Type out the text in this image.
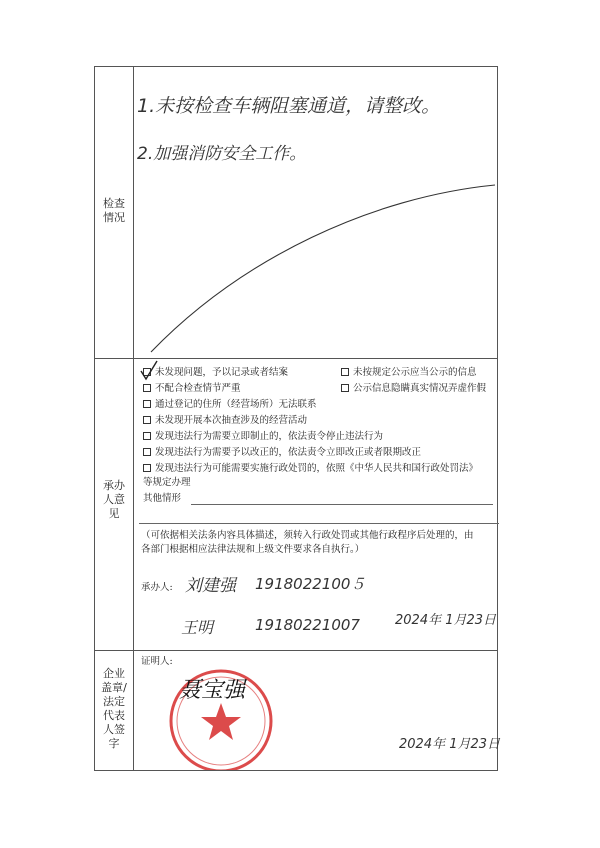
检查
情况
1.未按检查车辆阻塞通道，请整改。
2.加强消防安全工作。
承办
人意
见
未发现问题，予以记录或者结案	未按规定公示应当公示的信息
不配合检查情节严重	公示信息隐瞒真实情况弄虚作假
通过登记的住所（经营场所）无法联系
未发现开展本次抽查涉及的经营活动
发现违法行为需要立即制止的，依法责令停止违法行为
发现违法行为需要予以改正的，依法责令立即改正或者限期改正
发现违法行为可能需要实施行政处罚的，依照《中华人民共和国行政处罚法》
等规定办理
其他情形
（可依据相关法条内容具体描述，须转入行政处罚或其他行政程序后处理的，由
各部门根据相应法律法规和上级文件要求各自执行。）
承办人: 刘建强 1918022100５
王明	19180221007	2024年 1月23日
企业
盖章/
法定
代表
人签
字
证明人:
聂宝强
2024年 1月23日
